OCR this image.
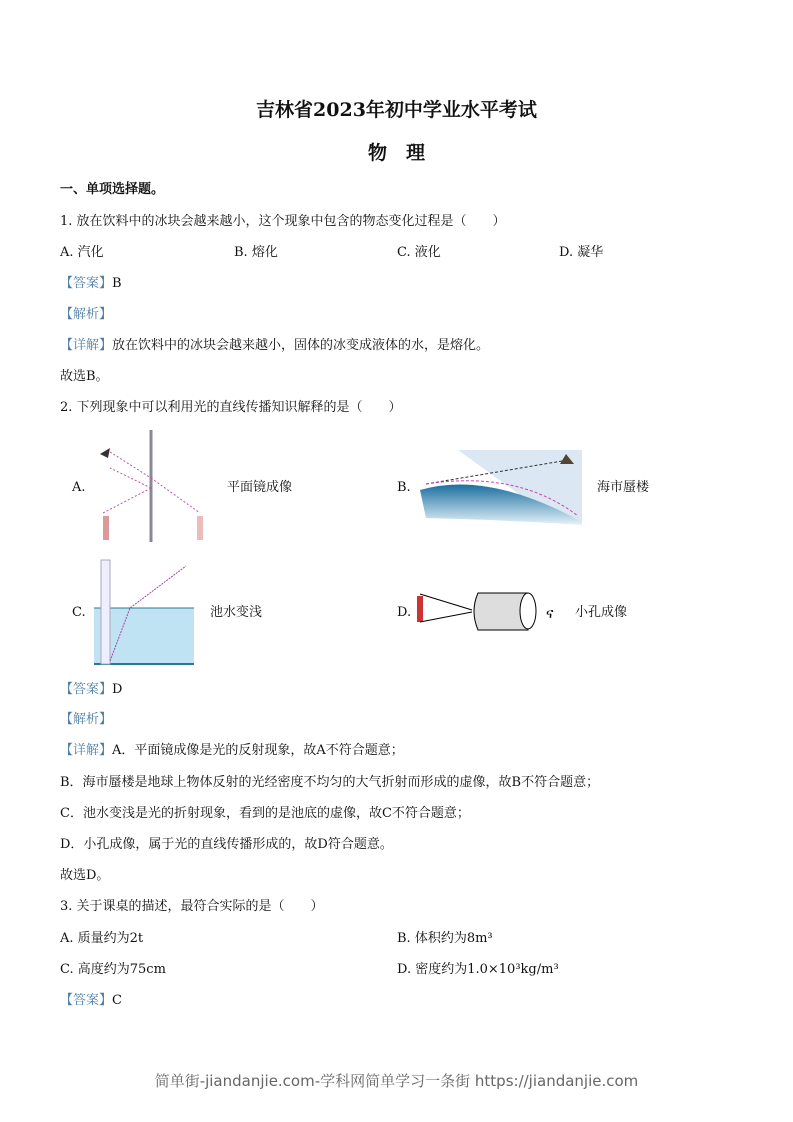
吉林省2023年初中学业水平考试
物　理
一、单项选择题。
1. 放在饮料中的冰块会越来越小，这个现象中包含的物态变化过程是（　　）
A. 汽化	B. 熔化	C. 液化	D. 凝华
【答案】B
【解析】
【详解】放在饮料中的冰块会越来越小，固体的冰变成液体的水，是熔化。
故选B。
2. 下列现象中可以利用光的直线传播知识解释的是（　　）
A.	平面镜成像	B.	海市蜃楼
C.	池水变浅	D.	ና 小孔成像
【答案】D
【解析】
【详解】A．平面镜成像是光的反射现象，故A不符合题意；
B．海市蜃楼是地球上物体反射的光经密度不均匀的大气折射而形成的虚像，故B不符合题意；
C．池水变浅是光的折射现象，看到的是池底的虚像，故C不符合题意；
D．小孔成像，属于光的直线传播形成的，故D符合题意。
故选D。
3. 关于课桌的描述，最符合实际的是（　　）
A. 质量约为2t	B. 体积约为8m³
C. 高度约为75cm	D. 密度约为1.0×10³kg/m³
【答案】C
简单街-jiandanjie.com-学科网简单学习一条街 https://jiandanjie.com
